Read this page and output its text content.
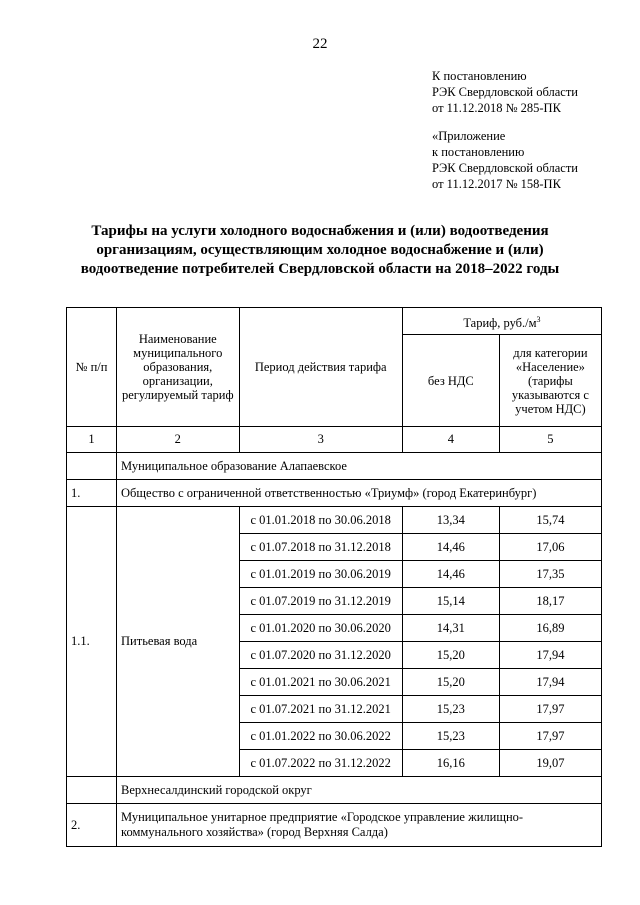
22
К постановлению
РЭК Свердловской области
от 11.12.2018 № 285-ПК
«Приложение
к постановлению
РЭК Свердловской области
от 11.12.2017 № 158-ПК
Тарифы на услуги холодного водоснабжения и (или) водоотведения
организациям, осуществляющим холодное водоснабжение и (или)
водоотведение потребителей Свердловской области на 2018–2022 годы
№ п/п	Наименование муниципального образования, организации, регулируемый тариф	Период действия тарифа	Тариф, $руб./м^3$
			без НДС	для категории «Население» (тарифы указываются с учетом НДС)
1	2	3	4	5
	Муниципальное образование Алапаевское			
1.	Общество с ограниченной ответственностью «Триумф» (город Екатеринбург)			
1.1.	Питьевая вода	с 01.01.2018 по 30.06.2018	13,34	15,74
		с 01.07.2018 по 31.12.2018	14,46	17,06
		с 01.01.2019 по 30.06.2019	14,46	17,35
		с 01.07.2019 по 31.12.2019	15,14	18,17
		с 01.01.2020 по 30.06.2020	14,31	16,89
		с 01.07.2020 по 31.12.2020	15,20	17,94
		с 01.01.2021 по 30.06.2021	15,20	17,94
		с 01.07.2021 по 31.12.2021	15,23	17,97
		с 01.01.2022 по 30.06.2022	15,23	17,97
		с 01.07.2022 по 31.12.2022	16,16	19,07
	Верхнесалдинский городской округ			
2.	Муниципальное унитарное предприятие «Городское управление жилищно-коммунального хозяйства» (город Верхняя Салда)			
